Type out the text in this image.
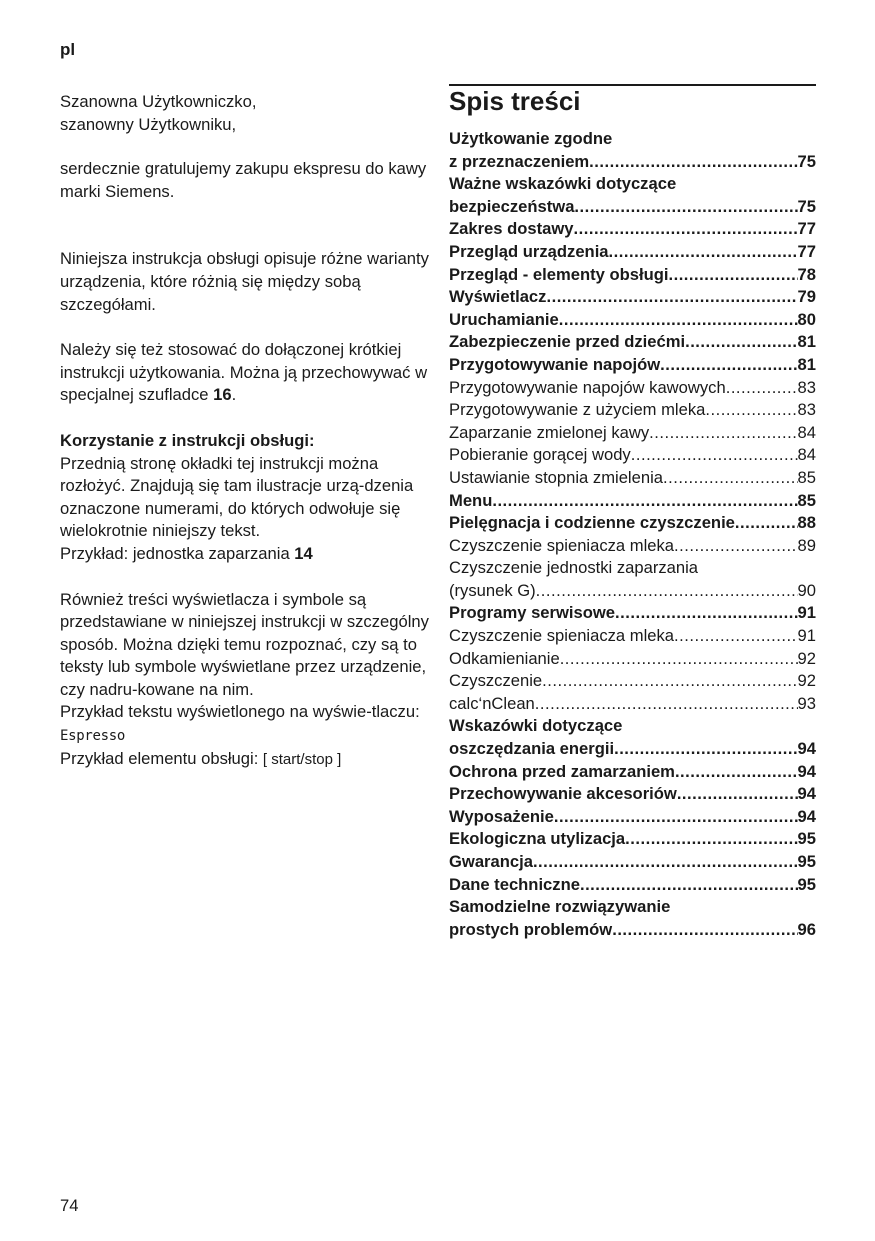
pl

Szanowna Użytkowniczko,

szanowny Użytkowniku,

serdecznie gratulujemy zakupu ekspresu do kawy marki Siemens.

Niniejsza instrukcja obsługi opisuje różne warianty urządzenia, które różnią się między sobą szczegółami.

Należy się też stosować do dołączonej krótkiej instrukcji użytkowania. Można ją przechowywać w specjalnej szufladce 16.

Korzystanie z instrukcji obsługi:

Przednią stronę okładki tej instrukcji można rozłożyć. Znajdują się tam ilustracje urzą-dzenia oznaczone numerami, do których odwołuje się wielokrotnie niniejszy tekst.

Przykład: jednostka zaparzania 14

Również treści wyświetlacza i symbole są przedstawiane w niniejszej instrukcji w szczególny sposób. Można dzięki temu rozpoznać, czy są to teksty lub symbole wyświetlane przez urządzenie, czy nadru-kowane na nim.

Przykład tekstu wyświetlonego na wyświe-tlaczu: Espresso

Przykład elementu obsługi: [ start/stop ]

Spis treści
Użytkowanie zgodne
z przeznaczeniem .....	75
Ważne wskazówki dotyczące
bezpieczeństwa .....	75
Zakres dostawy .....	77
Przegląd urządzenia .....	77
Przegląd - elementy obsługi .....	78
Wyświetlacz .....	79
Uruchamianie .....	80
Zabezpieczenie przed dziećmi .....	81
Przygotowywanie napojów .....	81
Przygotowywanie napojów kawowych .....	83
Przygotowywanie z użyciem mleka .....	83
Zaparzanie zmielonej kawy .....	84
Pobieranie gorącej wody .....	84
Ustawianie stopnia zmielenia .....	85
Menu .....	85
Pielęgnacja i codzienne czyszczenie .....	88
Czyszczenie spieniacza mleka .....	89
Czyszczenie jednostki zaparzania
(rysunek G) .....	90
Programy serwisowe .....	91
Czyszczenie spieniacza mleka .....	91
Odkamienianie .....	92
Czyszczenie .....	92
calc‘nClean .....	93
Wskazówki dotyczące
oszczędzania energii .....	94
Ochrona przed zamarzaniem .....	94
Przechowywanie akcesoriów .....	94
Wyposażenie .....	94
Ekologiczna utylizacja .....	95
Gwarancja .....	95
Dane techniczne .....	95
Samodzielne rozwiązywanie
prostych problemów .....	96
74
